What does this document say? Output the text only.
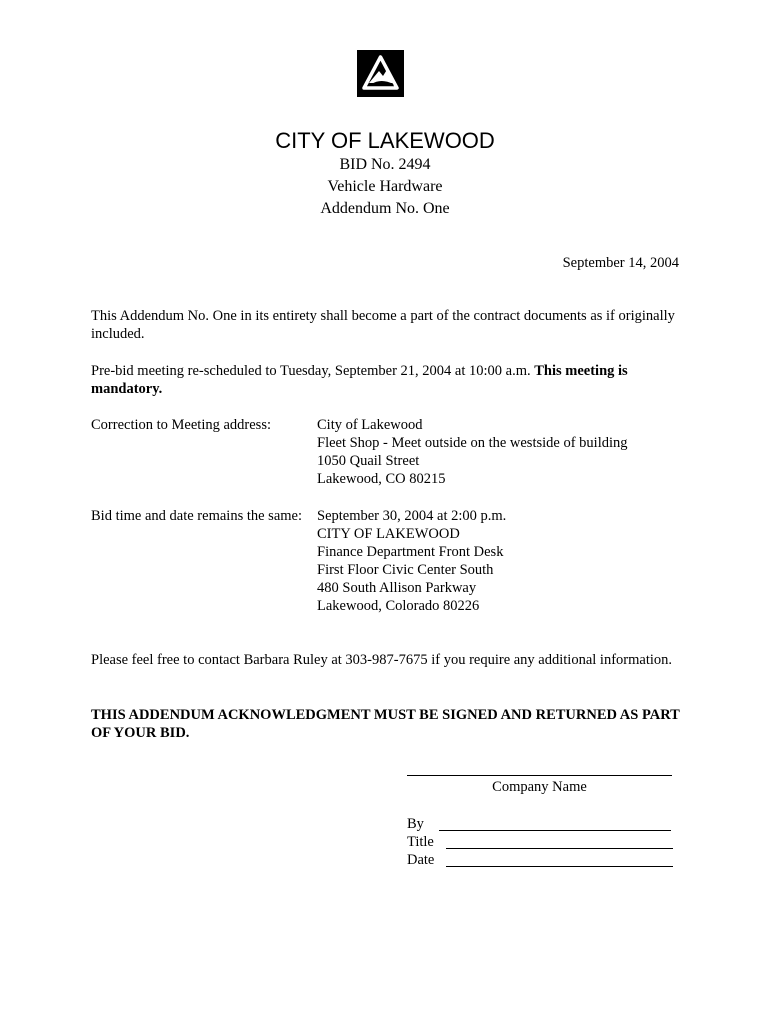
CITY OF LAKEWOOD
BID No. 2494
Vehicle Hardware
Addendum No. One
September 14, 2004
This Addendum No. One in its entirety shall become a part of the contract documents as if originally included.
Pre-bid meeting re-scheduled to Tuesday, September 21, 2004 at 10:00 a.m. This meeting is mandatory.
Correction to Meeting address:	City of Lakewood
Fleet Shop - Meet outside on the westside of building
1050 Quail Street
Lakewood, CO 80215
Bid time and date remains the same: September 30, 2004 at 2:00 p.m.
CITY OF LAKEWOOD
Finance Department Front Desk
First Floor Civic Center South
480 South Allison Parkway
Lakewood, Colorado 80226
Please feel free to contact Barbara Ruley at 303-987-7675 if you require any additional information.
THIS ADDENDUM ACKNOWLEDGMENT MUST BE SIGNED AND RETURNED AS PART OF YOUR BID.
Company Name
By
Title
Date
